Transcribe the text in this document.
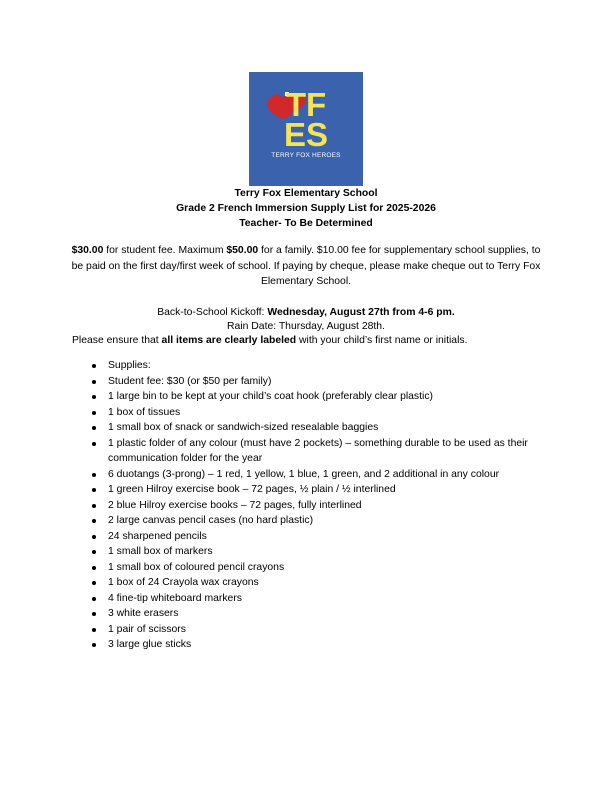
TF
ES
TERRY FOX HEROES
Terry Fox Elementary School
Grade 2 French Immersion Supply List for 2025-2026
Teacher- To Be Determined
$30.00 for student fee. Maximum $50.00 for a family. $10.00 fee for supplementary school supplies, to be paid on the first day/first week of school. If paying by cheque, please make cheque out to Terry Fox Elementary School.
Back-to-School Kickoff: Wednesday, August 27th from 4-6 pm.
Rain Date: Thursday, August 28th.
Please ensure that all items are clearly labeled with your child’s first name or initials.
Supplies:
Student fee: $30 (or $50 per family)
1 large bin to be kept at your child’s coat hook (preferably clear plastic)
1 box of tissues
1 small box of snack or sandwich-sized resealable baggies
1 plastic folder of any colour (must have 2 pockets) – something durable to be used as their communication folder for the year
6 duotangs (3-prong) – 1 red, 1 yellow, 1 blue, 1 green, and 2 additional in any colour
1 green Hilroy exercise book – 72 pages, ½ plain / ½ interlined
2 blue Hilroy exercise books – 72 pages, fully interlined
2 large canvas pencil cases (no hard plastic)
24 sharpened pencils
1 small box of markers
1 small box of coloured pencil crayons
1 box of 24 Crayola wax crayons
4 fine-tip whiteboard markers
3 white erasers
1 pair of scissors
3 large glue sticks
